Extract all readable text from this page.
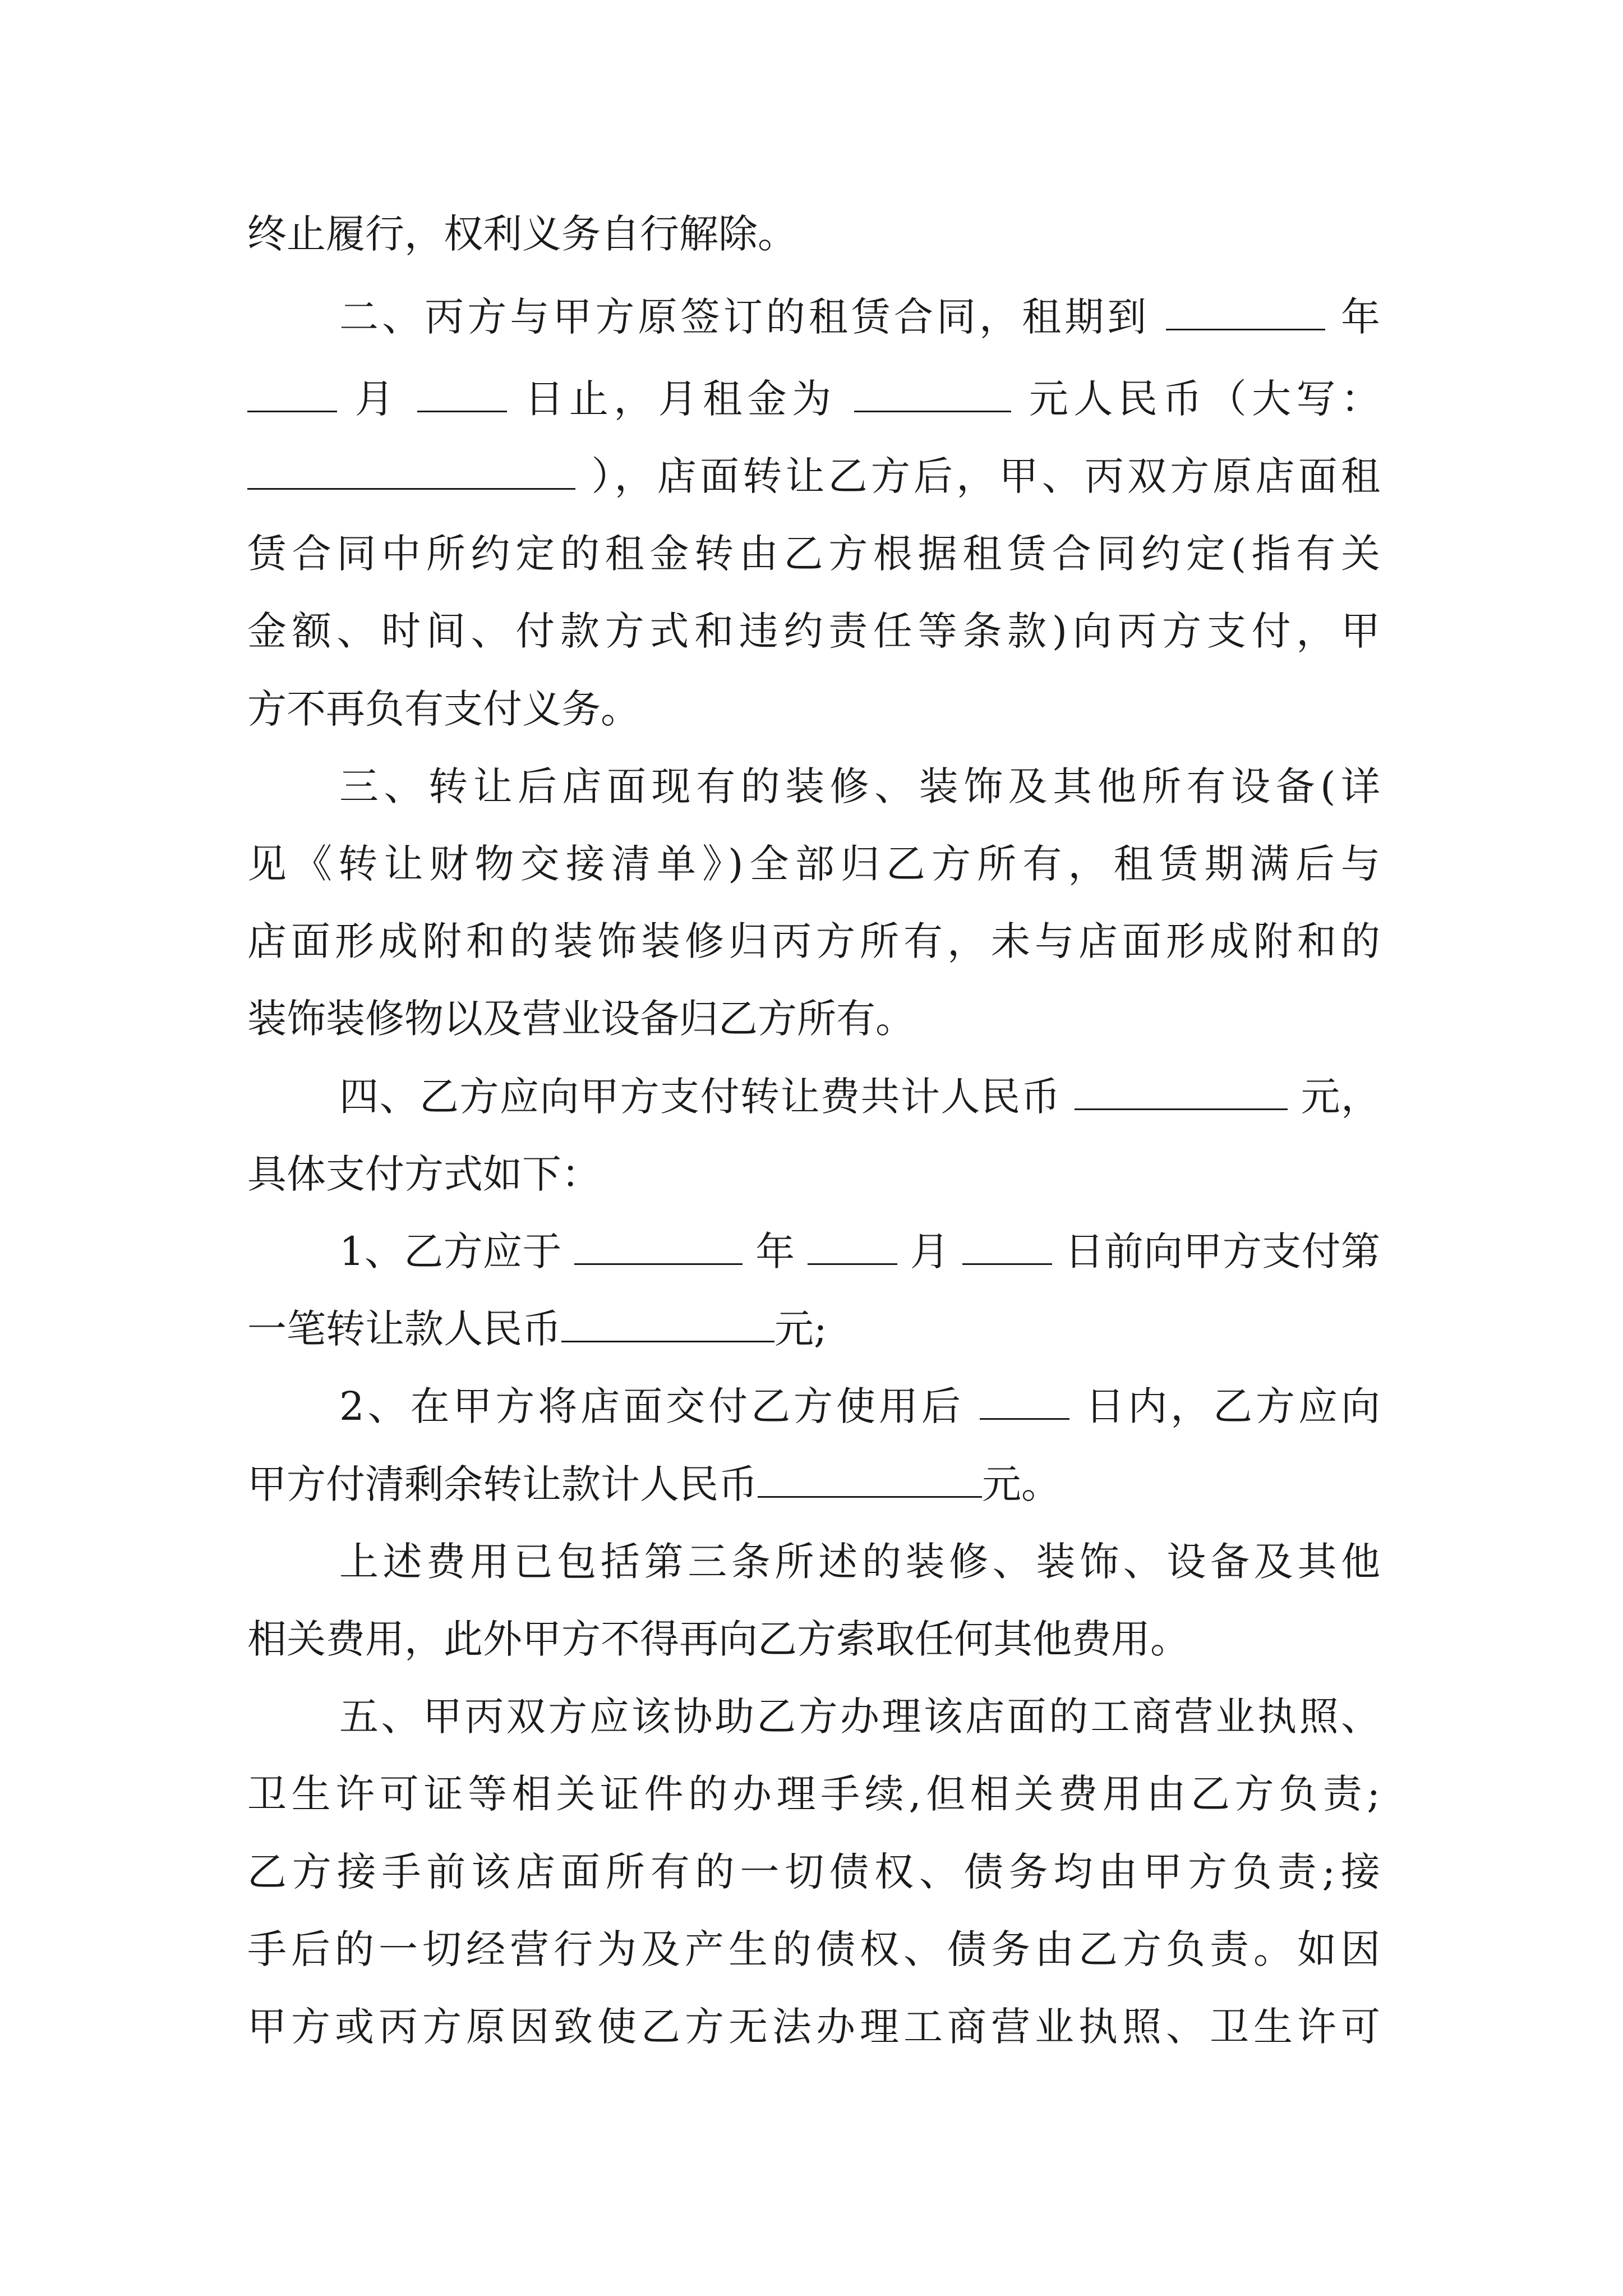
终止履行，权利义务自行解除。
二、丙方与甲方原签订的租赁合同，租期到	年
月	日止，月租金为	元人民币（大写：
），店面转让乙方后，甲、丙双方原店面租
赁合同中所约定的租金转由乙方根据租赁合同约定(指有关
金额、时间、付款方式和违约责任等条款)向丙方支付，甲
方不再负有支付义务。
三、转让后店面现有的装修、装饰及其他所有设备(详
见《转让财物交接清单》)全部归乙方所有，租赁期满后与
店面形成附和的装饰装修归丙方所有，未与店面形成附和的
装饰装修物以及营业设备归乙方所有。
四、乙方应向甲方支付转让费共计人民币	元，
具体支付方式如下：
1、乙方应于	年	月	日前向甲方支付第
一笔转让款人民币	元;
2、在甲方将店面交付乙方使用后	日内，乙方应向
甲方付清剩余转让款计人民币	元。
上述费用已包括第三条所述的装修、装饰、设备及其他
相关费用，此外甲方不得再向乙方索取任何其他费用。
五、甲丙双方应该协助乙方办理该店面的工商营业执照、
卫生许可证等相关证件的办理手续,但相关费用由乙方负责;
乙方接手前该店面所有的一切债权、债务均由甲方负责;接
手后的一切经营行为及产生的债权、债务由乙方负责。如因
甲方或丙方原因致使乙方无法办理工商营业执照、卫生许可
